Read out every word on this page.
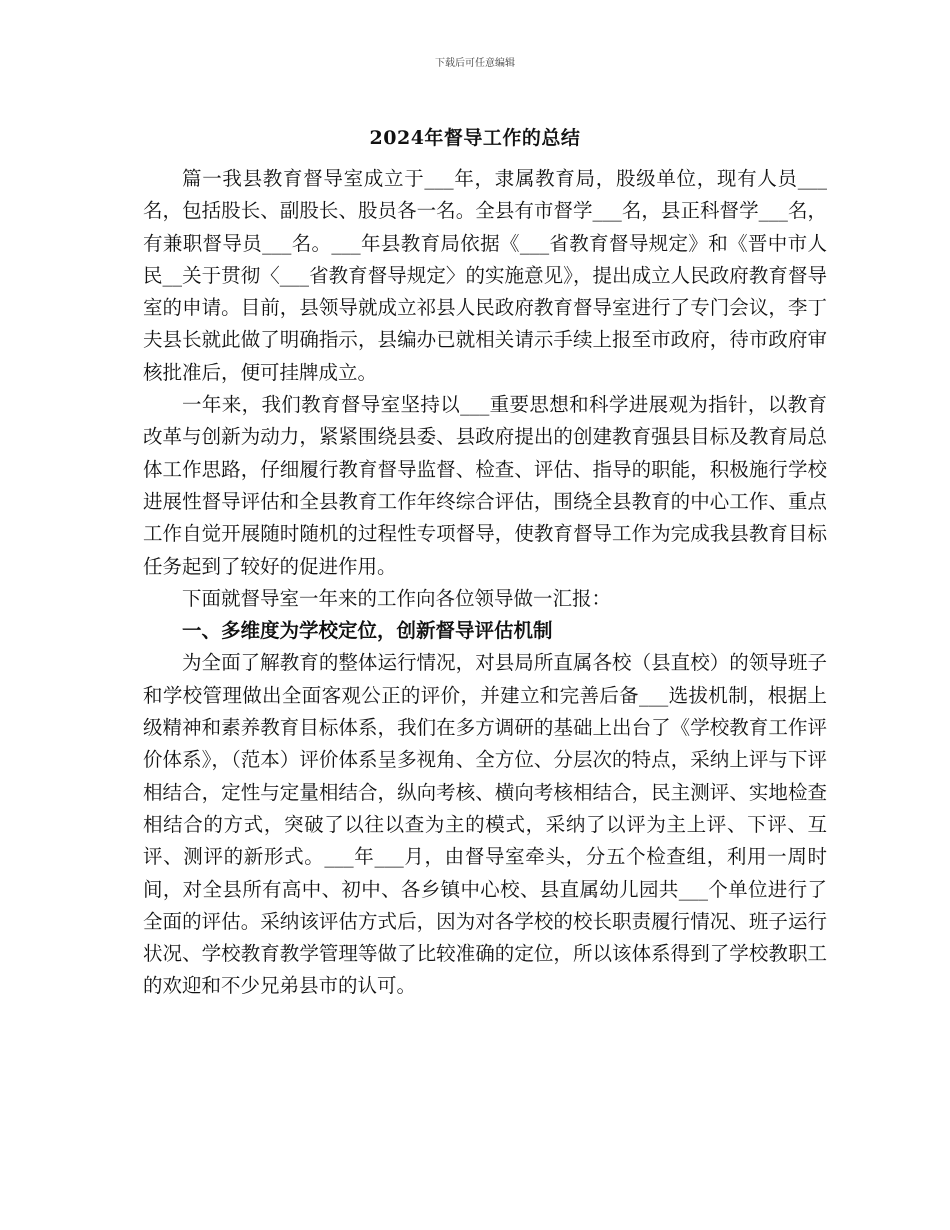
下载后可任意编辑
2024年督导工作的总结

篇一我县教育督导室成立于___年，隶属教育局，股级单位，现有人员___名，包括股长、副股长、股员各一名。全县有市督学___名，县正科督学___名，有兼职督导员___名。___年县教育局依据《___省教育督导规定》和《晋中市人民__关于贯彻〈___省教育督导规定〉的实施意见》，提出成立人民政府教育督导室的申请。目前，县领导就成立祁县人民政府教育督导室进行了专门会议，李丁夫县长就此做了明确指示，县编办已就相关请示手续上报至市政府，待市政府审核批准后，便可挂牌成立。

一年来，我们教育督导室坚持以___重要思想和科学进展观为指针，以教育改革与创新为动力，紧紧围绕县委、县政府提出的创建教育强县目标及教育局总体工作思路，仔细履行教育督导监督、检查、评估、指导的职能，积极施行学校进展性督导评估和全县教育工作年终综合评估，围绕全县教育的中心工作、重点工作自觉开展随时随机的过程性专项督导，使教育督导工作为完成我县教育目标任务起到了较好的促进作用。

下面就督导室一年来的工作向各位领导做一汇报：

一、多维度为学校定位，创新督导评估机制

为全面了解教育的整体运行情况，对县局所直属各校（县直校）的领导班子和学校管理做出全面客观公正的评价，并建立和完善后备___选拔机制，根据上级精神和素养教育目标体系，我们在多方调研的基础上出台了《学校教育工作评价体系》，（范本）评价体系呈多视角、全方位、分层次的特点，采纳上评与下评相结合，定性与定量相结合，纵向考核、横向考核相结合，民主测评、实地检查相结合的方式，突破了以往以查为主的模式，采纳了以评为主上评、下评、互评、测评的新形式。___年___月，由督导室牵头，分五个检查组，利用一周时间，对全县所有高中、初中、各乡镇中心校、县直属幼儿园共___个单位进行了全面的评估。采纳该评估方式后，因为对各学校的校长职责履行情况、班子运行状况、学校教育教学管理等做了比较准确的定位，所以该体系得到了学校教职工的欢迎和不少兄弟县市的认可。
